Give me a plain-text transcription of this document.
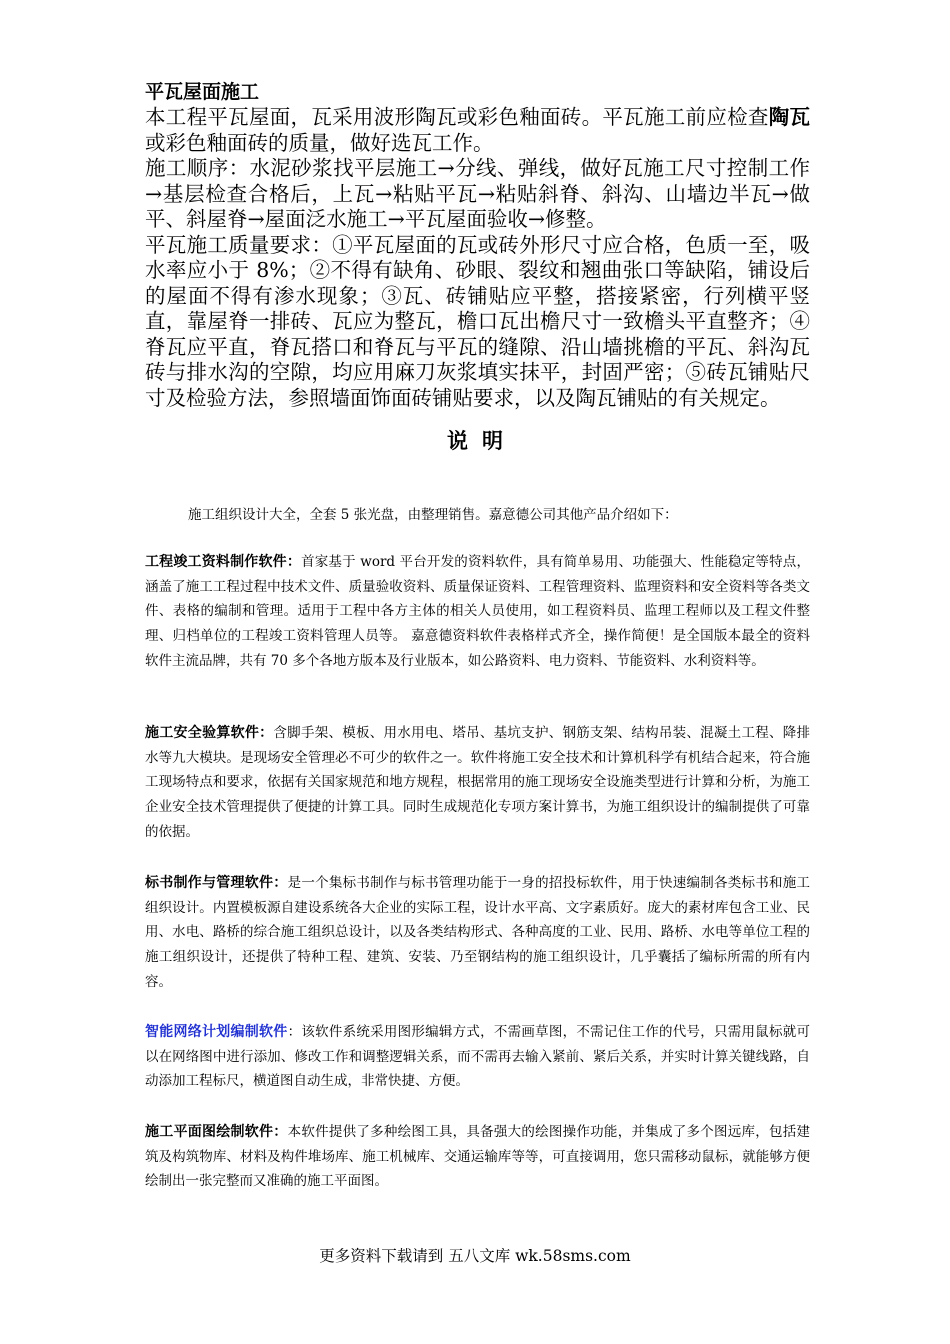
平瓦屋面施工

本工程平瓦屋面，瓦采用波形陶瓦或彩色釉面砖。平瓦施工前应检查陶瓦或彩色釉面砖的质量，做好选瓦工作。

施工顺序：水泥砂浆找平层施工→分线、弹线，做好瓦施工尺寸控制工作→基层检查合格后，上瓦→粘贴平瓦→粘贴斜脊、斜沟、山墙边半瓦→做平、斜屋脊→屋面泛水施工→平瓦屋面验收→修整。

平瓦施工质量要求：①平瓦屋面的瓦或砖外形尺寸应合格，色质一至，吸水率应小于 8%；②不得有缺角、砂眼、裂纹和翘曲张口等缺陷，铺设后的屋面不得有渗水现象；③瓦、砖铺贴应平整，搭接紧密，行列横平竖直，靠屋脊一排砖、瓦应为整瓦，檐口瓦出檐尺寸一致檐头平直整齐；④脊瓦应平直，脊瓦搭口和脊瓦与平瓦的缝隙、沿山墙挑檐的平瓦、斜沟瓦砖与排水沟的空隙，均应用麻刀灰浆填实抹平，封固严密；⑤砖瓦铺贴尺寸及检验方法，参照墙面饰面砖铺贴要求，以及陶瓦铺贴的有关规定。

说明
施工组织设计大全，全套 5 张光盘，由整理销售。嘉意德公司其他产品介绍如下：
工程竣工资料制作软件：首家基于 word 平台开发的资料软件，具有简单易用、功能强大、性能稳定等特点，涵盖了施工工程过程中技术文件、质量验收资料、质量保证资料、工程管理资料、监理资料和安全资料等各类文件、表格的编制和管理。适用于工程中各方主体的相关人员使用，如工程资料员、监理工程师以及工程文件整理、归档单位的工程竣工资料管理人员等。 嘉意德资料软件表格样式齐全，操作简便！是全国版本最全的资料软件主流品牌，共有 70 多个各地方版本及行业版本，如公路资料、电力资料、节能资料、水利资料等。
施工安全验算软件：含脚手架、模板、用水用电、塔吊、基坑支护、钢筋支架、结构吊装、混凝土工程、降排水等九大模块。是现场安全管理必不可少的软件之一。软件将施工安全技术和计算机科学有机结合起来，符合施工现场特点和要求，依据有关国家规范和地方规程，根据常用的施工现场安全设施类型进行计算和分析，为施工企业安全技术管理提供了便捷的计算工具。同时生成规范化专项方案计算书，为施工组织设计的编制提供了可靠的依据。
标书制作与管理软件：是一个集标书制作与标书管理功能于一身的招投标软件，用于快速编制各类标书和施工组织设计。内置模板源自建设系统各大企业的实际工程，设计水平高、文字素质好。庞大的素材库包含工业、民用、水电、路桥的综合施工组织总设计，以及各类结构形式、各种高度的工业、民用、路桥、水电等单位工程的施工组织设计，还提供了特种工程、建筑、安装、乃至钢结构的施工组织设计，几乎囊括了编标所需的所有内容。
智能网络计划编制软件：该软件系统采用图形编辑方式，不需画草图，不需记住工作的代号，只需用鼠标就可以在网络图中进行添加、修改工作和调整逻辑关系，而不需再去输入紧前、紧后关系，并实时计算关键线路，自动添加工程标尺，横道图自动生成，非常快捷、方便。
施工平面图绘制软件：本软件提供了多种绘图工具，具备强大的绘图操作功能，并集成了多个图远库，包括建筑及构筑物库、材料及构件堆场库、施工机械库、交通运输库等等，可直接调用，您只需移动鼠标，就能够方便绘制出一张完整而又准确的施工平面图。
更多资料下载请到 五八文库 wk.58sms.com
